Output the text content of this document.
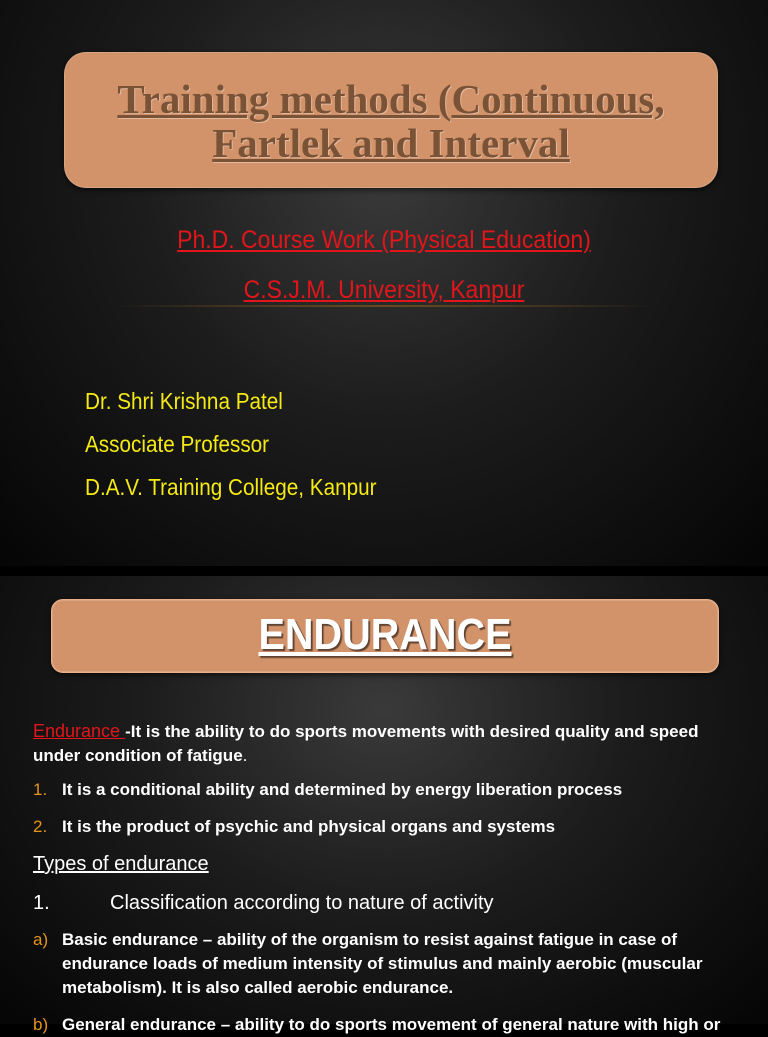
Training methods (Continuous,
Fartlek and Interval
Ph.D. Course Work (Physical Education)
C.S.J.M. University, Kanpur
Dr. Shri Krishna Patel
Associate Professor
D.A.V. Training College, Kanpur
ENDURANCE
Endurance -It is the ability to do sports movements with desired quality and speed under condition of fatigue.
1. It is a conditional ability and determined by energy liberation process
2. It is the product of psychic and physical organs and systems
Types of endurance
1.	Classification according to nature of activity
a) Basic endurance – ability of the organism to resist against fatigue in case of endurance loads of medium intensity of stimulus and mainly aerobic (muscular metabolism). It is also called aerobic endurance.
b) General endurance – ability to do sports movement of general nature with high or
